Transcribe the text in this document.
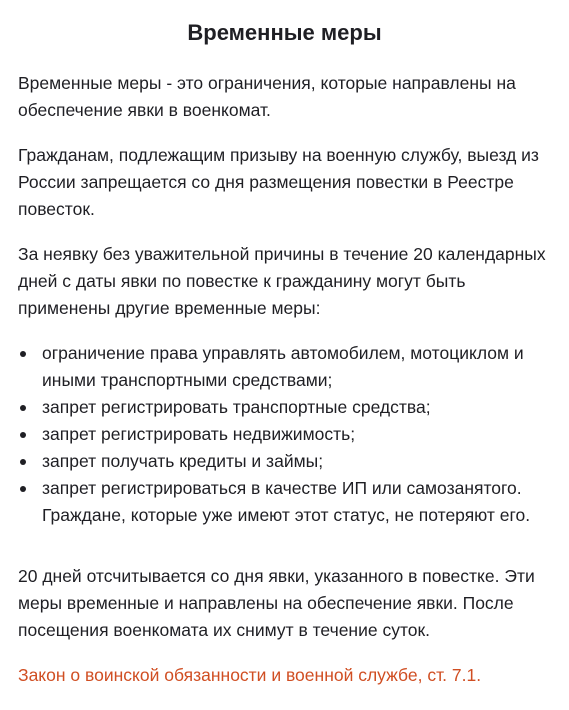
Временные меры

Временные меры - это ограничения, которые направлены на обеспечение явки в военкомат.

Гражданам, подлежащим призыву на военную службу, выезд из России запрещается со дня размещения повестки в Реестре повесток.

За неявку без уважительной причины в течение 20 календарных дней с даты явки по повестке к гражданину могут быть применены другие временные меры:

ограничение права управлять автомобилем, мотоциклом и иными транспортными средствами;
запрет регистрировать транспортные средства;
запрет регистрировать недвижимость;
запрет получать кредиты и займы;
запрет регистрироваться в качестве ИП или самозанятого. Граждане, которые уже имеют этот статус, не потеряют его.

20 дней отсчитывается со дня явки, указанного в повестке. Эти меры временные и направлены на обеспечение явки. После посещения военкомата их снимут в течение суток.

Закон о воинской обязанности и военной службе, ст. 7.1.
